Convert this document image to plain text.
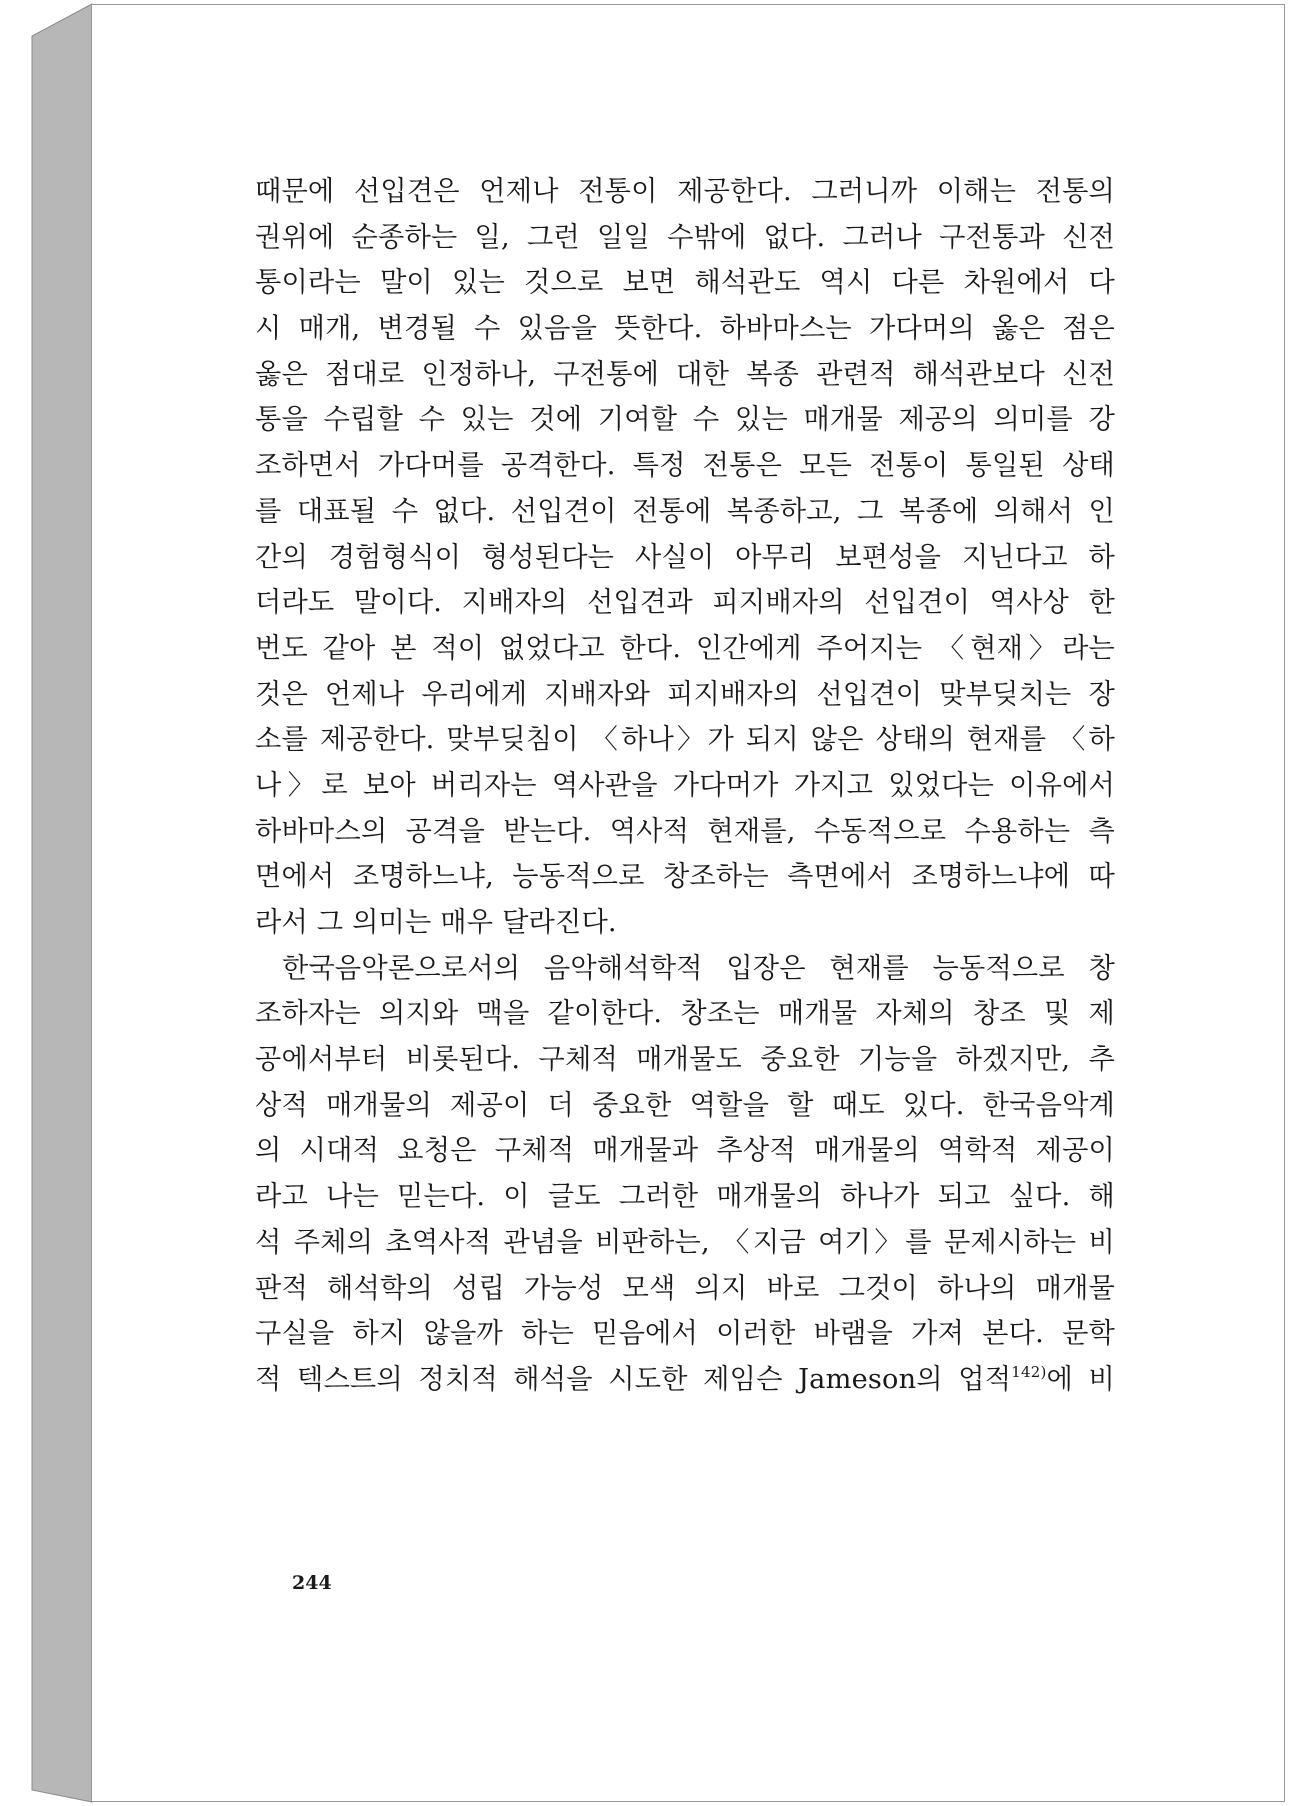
때문에 선입견은 언제나 전통이 제공한다. 그러니까 이해는 전통의
권위에 순종하는 일, 그런 일일 수밖에 없다. 그러나 구전통과 신전
통이라는 말이 있는 것으로 보면 해석관도 역시 다른 차원에서 다
시 매개, 변경될 수 있음을 뜻한다. 하바마스는 가다머의 옳은 점은
옳은 점대로 인정하나, 구전통에 대한 복종 관련적 해석관보다 신전
통을 수립할 수 있는 것에 기여할 수 있는 매개물 제공의 의미를 강
조하면서 가다머를 공격한다. 특정 전통은 모든 전통이 통일된 상태
를 대표될 수 없다. 선입견이 전통에 복종하고, 그 복종에 의해서 인
간의 경험형식이 형성된다는 사실이 아무리 보편성을 지닌다고 하
더라도 말이다. 지배자의 선입견과 피지배자의 선입견이 역사상 한
번도 같아 본 적이 없었다고 한다. 인간에게 주어지는 〈현재〉라는
것은 언제나 우리에게 지배자와 피지배자의 선입견이 맞부딪치는 장
소를 제공한다. 맞부딪침이 〈하나〉가 되지 않은 상태의 현재를 〈하
나〉로 보아 버리자는 역사관을 가다머가 가지고 있었다는 이유에서
하바마스의 공격을 받는다. 역사적 현재를, 수동적으로 수용하는 측
면에서 조명하느냐, 능동적으로 창조하는 측면에서 조명하느냐에 따
라서 그 의미는 매우 달라진다.
한국음악론으로서의 음악해석학적 입장은 현재를 능동적으로 창
조하자는 의지와 맥을 같이한다. 창조는 매개물 자체의 창조 및 제
공에서부터 비롯된다. 구체적 매개물도 중요한 기능을 하겠지만, 추
상적 매개물의 제공이 더 중요한 역할을 할 때도 있다. 한국음악계
의 시대적 요청은 구체적 매개물과 추상적 매개물의 역학적 제공이
라고 나는 믿는다. 이 글도 그러한 매개물의 하나가 되고 싶다. 해
석 주체의 초역사적 관념을 비판하는, 〈지금 여기〉를 문제시하는 비
판적 해석학의 성립 가능성 모색 의지 바로 그것이 하나의 매개물
구실을 하지 않을까 하는 믿음에서 이러한 바램을 가져 본다. 문학
적 텍스트의 정치적 해석을 시도한 제임슨 Jameson의 업적$^{142)}$에 비
244
